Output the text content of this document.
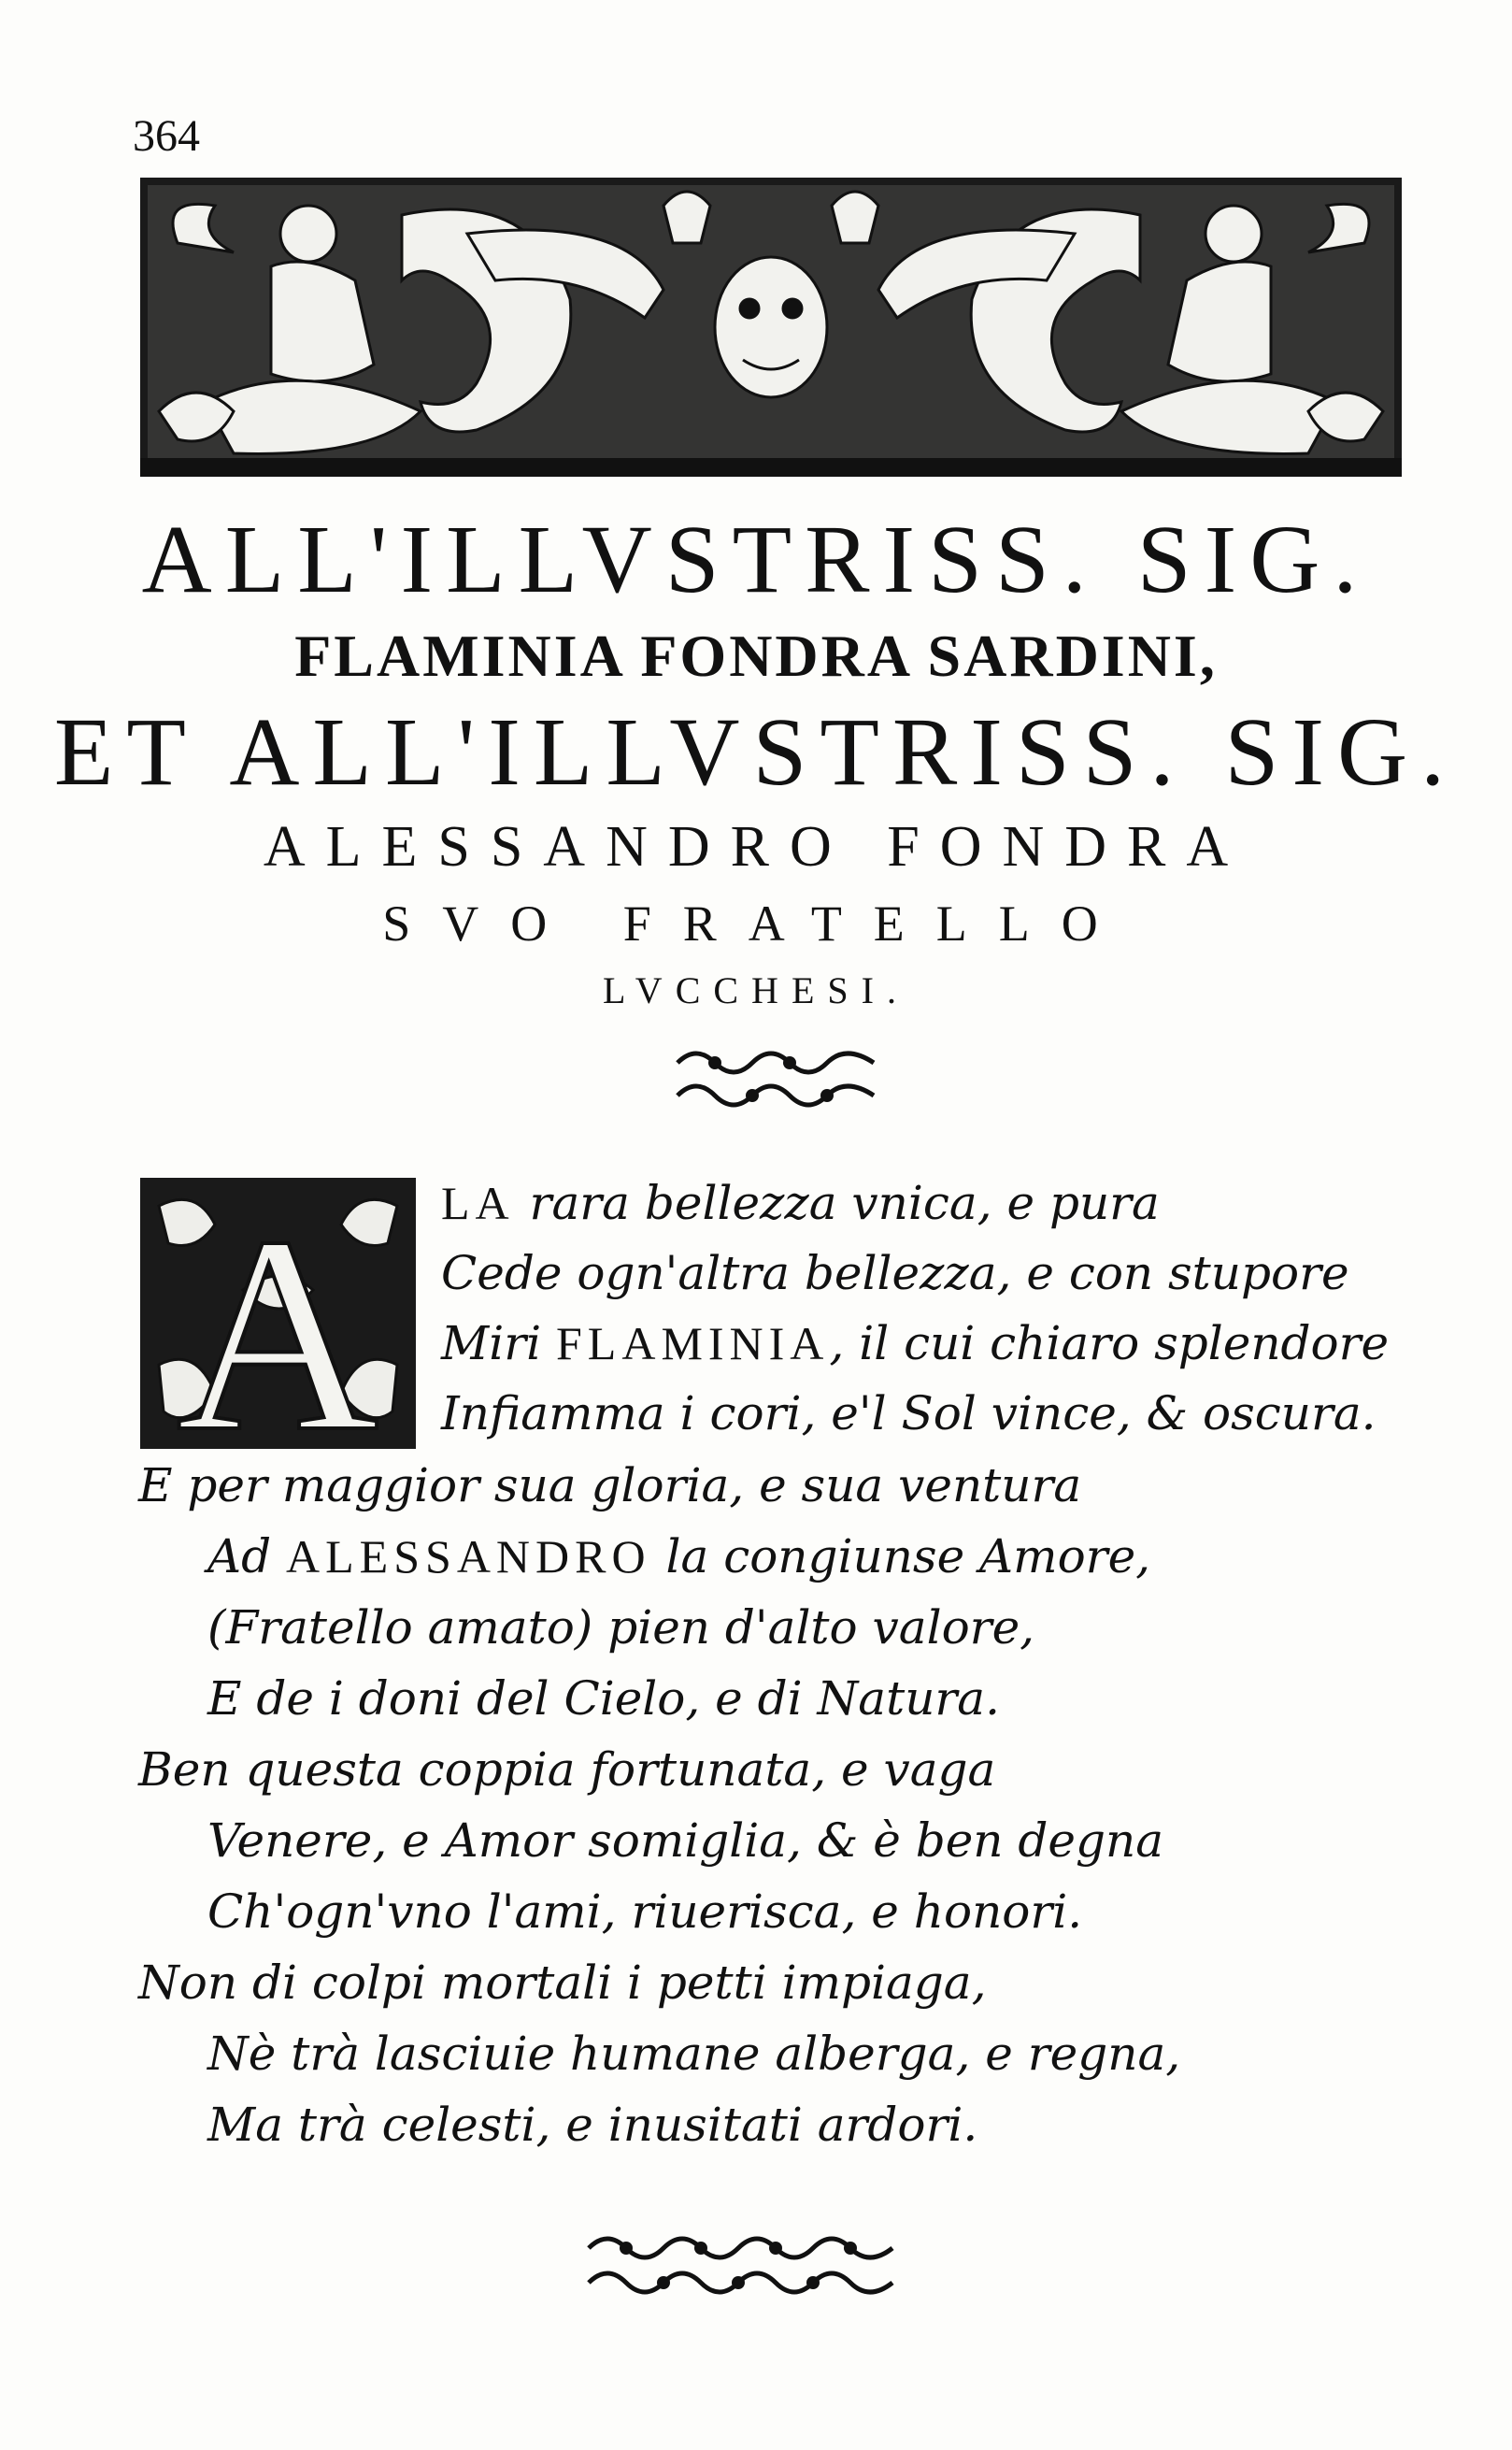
364
ALL'ILLVSTRISS. SIG.
FLAMINIA FONDRA SARDINI,
ET ALL'ILLVSTRISS. SIG.
ALESSANDRO FONDRA
SVO FRATELLO
LVCCHESI.
A LA rara bellezza vnica, e pura
Cede ogn'altra bellezza, e con stupore
Miri FLAMINIA, il cui chiaro splendore
Infiamma i cori, e'l Sol vince, & oscura.
E per maggior sua gloria, e sua ventura
Ad ALESSANDRO la congiunse Amore,
(Fratello amato) pien d'alto valore,
E de i doni del Cielo, e di Natura.
Ben questa coppia fortunata, e vaga
Venere, e Amor somiglia, & è ben degna
Ch'ogn'vno l'ami, riuerisca, e honori.
Non di colpi mortali i petti impiaga,
Nè trà lasciuie humane alberga, e regna,
Ma trà celesti, e inusitati ardori.
